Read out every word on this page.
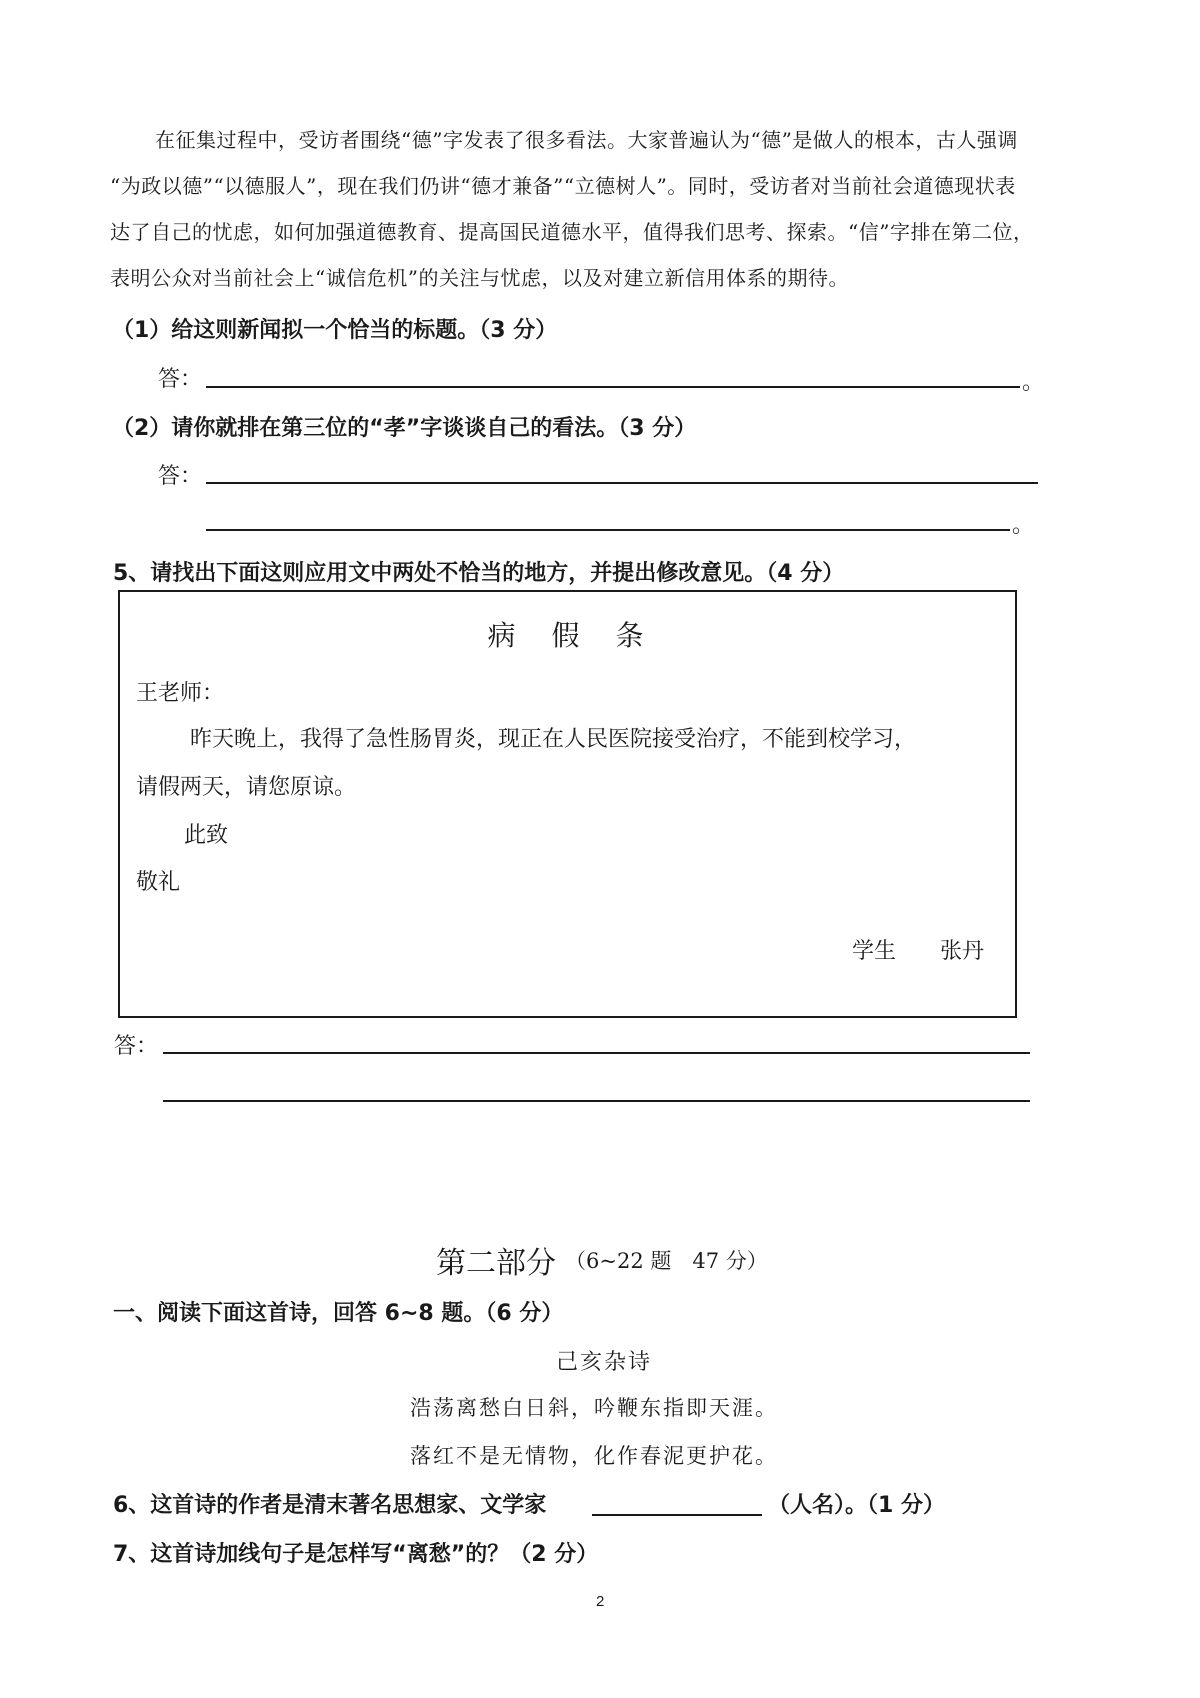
在征集过程中，受访者围绕“德”字发表了很多看法。大家普遍认为“德”是做人的根本，古人强调
“为政以德”“以德服人”，现在我们仍讲“德才兼备”“立德树人”。同时，受访者对当前社会道德现状表
达了自己的忧虑，如何加强道德教育、提高国民道德水平，值得我们思考、探索。“信”字排在第二位，
表明公众对当前社会上“诚信危机”的关注与忧虑，以及对建立新信用体系的期待。
（1）给这则新闻拟一个恰当的标题。（3 分）
答：	。
（2）请你就排在第三位的“孝”字谈谈自己的看法。（3 分）
答：
。
5、请找出下面这则应用文中两处不恰当的地方，并提出修改意见。（4 分）
病　假　条
王老师：
昨天晚上，我得了急性肠胃炎，现正在人民医院接受治疗，不能到校学习，
请假两天，请您原谅。
此致
敬礼
学生　　张丹
答：
第二部分 （6~22 题　47 分）
一、阅读下面这首诗，回答 6~8 题。（6 分）
己亥杂诗
浩荡离愁白日斜，吟鞭东指即天涯。
落红不是无情物，化作春泥更护花。
6、这首诗的作者是清末著名思想家、文学家	（人名）。（1 分）
7、这首诗加线句子是怎样写“离愁”的？（2 分）
2
